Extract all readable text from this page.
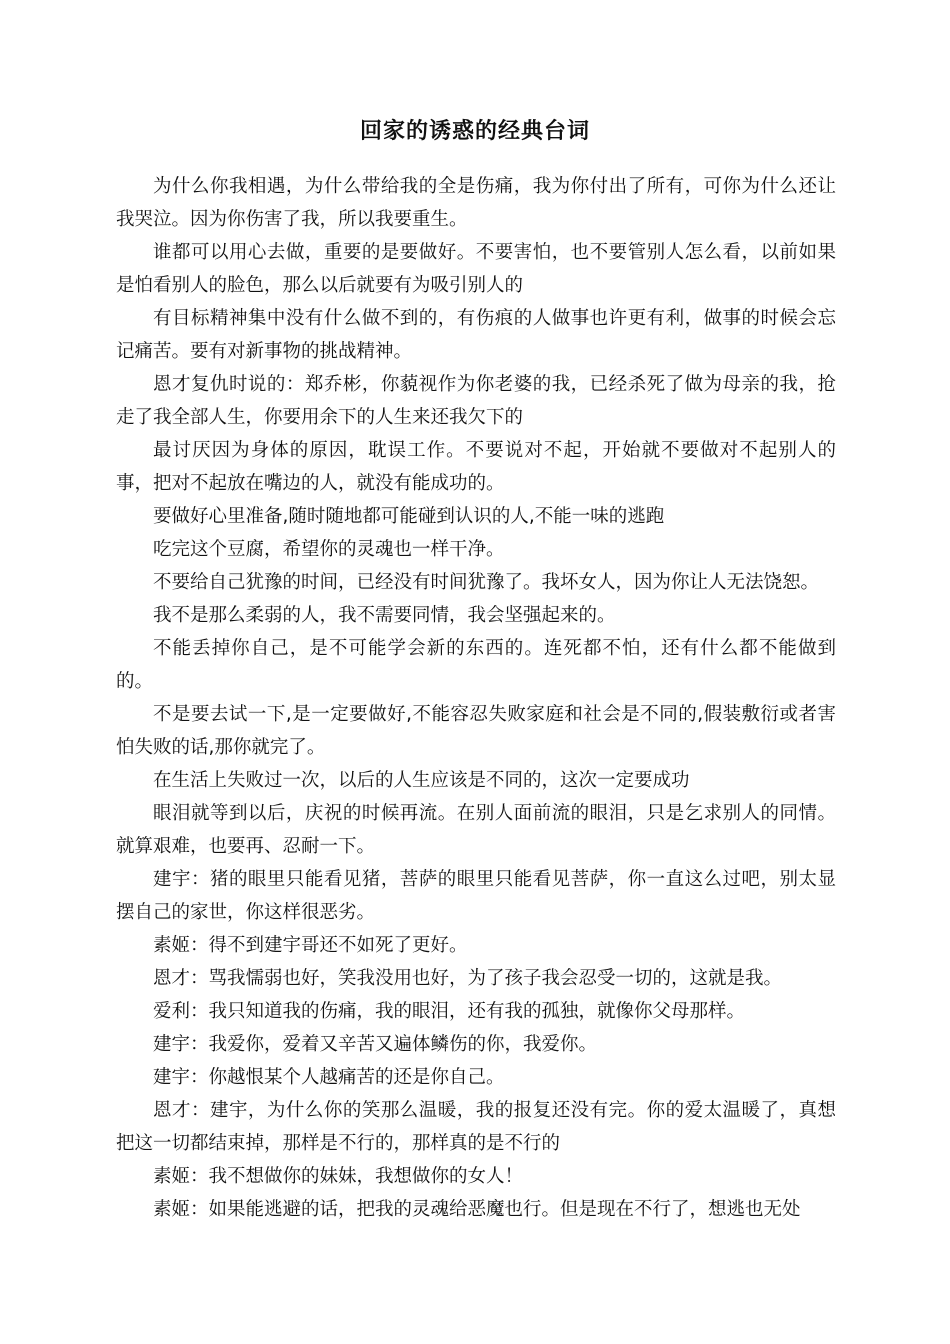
回家的诱惑的经典台词

为什么你我相遇，为什么带给我的全是伤痛，我为你付出了所有，可你为什么还让我哭泣。因为你伤害了我，所以我要重生。

谁都可以用心去做，重要的是要做好。不要害怕，也不要管别人怎么看，以前如果是怕看别人的脸色，那么以后就要有为吸引别人的

有目标精神集中没有什么做不到的，有伤痕的人做事也许更有利，做事的时候会忘记痛苦。要有对新事物的挑战精神。

恩才复仇时说的：郑乔彬，你藐视作为你老婆的我，已经杀死了做为母亲的我，抢走了我全部人生，你要用余下的人生来还我欠下的

最讨厌因为身体的原因，耽误工作。不要说对不起，开始就不要做对不起别人的事，把对不起放在嘴边的人，就没有能成功的。

要做好心里准备,随时随地都可能碰到认识的人,不能一味的逃跑

吃完这个豆腐，希望你的灵魂也一样干净。

不要给自己犹豫的时间，已经没有时间犹豫了。我坏女人，因为你让人无法饶恕。

我不是那么柔弱的人，我不需要同情，我会坚强起来的。

不能丢掉你自己，是不可能学会新的东西的。连死都不怕，还有什么都不能做到的。

不是要去试一下,是一定要做好,不能容忍失败家庭和社会是不同的,假装敷衍或者害怕失败的话,那你就完了。

在生活上失败过一次，以后的人生应该是不同的，这次一定要成功

眼泪就等到以后，庆祝的时候再流。在别人面前流的眼泪，只是乞求别人的同情。就算艰难，也要再、忍耐一下。

建宇：猪的眼里只能看见猪，菩萨的眼里只能看见菩萨，你一直这么过吧，别太显摆自己的家世，你这样很恶劣。

素姬：得不到建宇哥还不如死了更好。

恩才：骂我懦弱也好，笑我没用也好，为了孩子我会忍受一切的，这就是我。

爱利：我只知道我的伤痛，我的眼泪，还有我的孤独，就像你父母那样。

建宇：我爱你，爱着又辛苦又遍体鳞伤的你，我爱你。

建宇：你越恨某个人越痛苦的还是你自己。

恩才：建宇，为什么你的笑那么温暖，我的报复还没有完。你的爱太温暖了，真想把这一切都结束掉，那样是不行的，那样真的是不行的

素姬：我不想做你的妹妹，我想做你的女人！

素姬：如果能逃避的话，把我的灵魂给恶魔也行。但是现在不行了，想逃也无处
